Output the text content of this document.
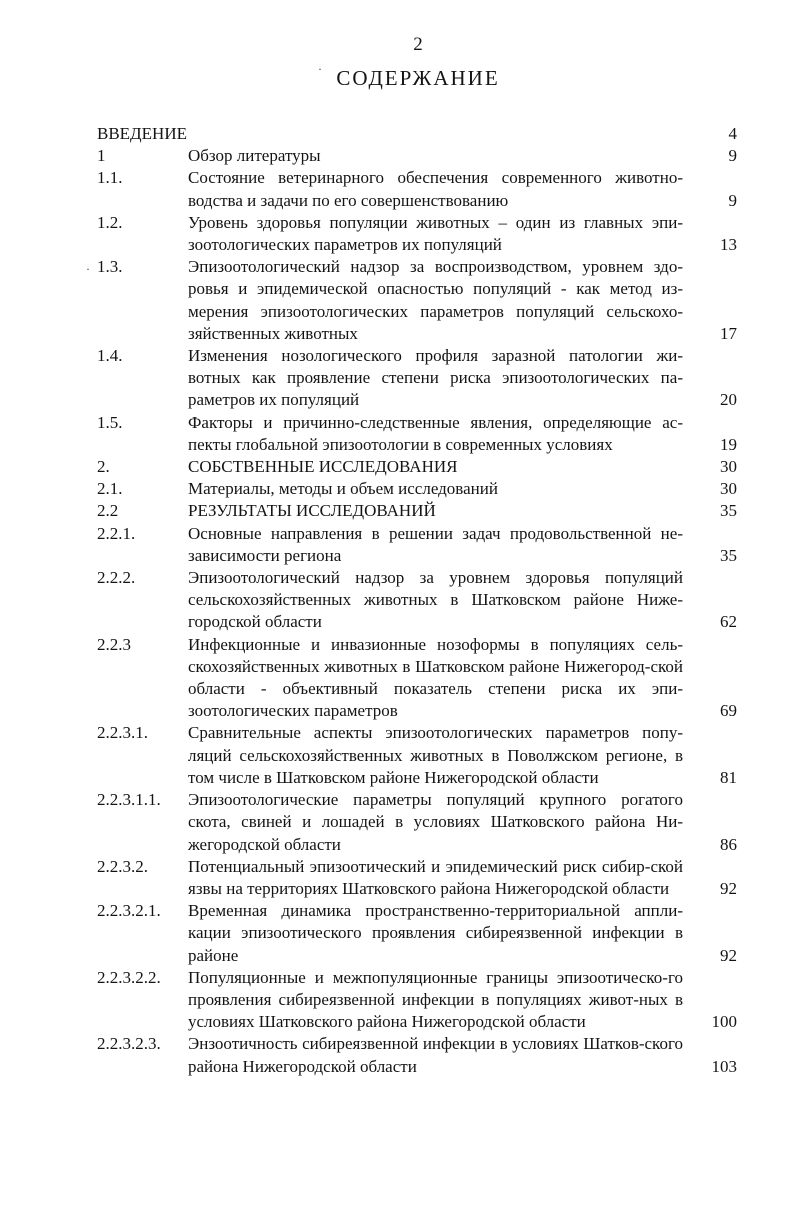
2
СОДЕРЖАНИЕ
ВВЕДЕНИЕ	4
1	Обзор литературы	9
1.1.	Состояние ветеринарного обеспечения современного животно-водства и задачи по его совершенствованию	9
1.2.	Уровень здоровья популяции животных – один из главных эпи-зоотологических параметров их популяций	13
1.3.	Эпизоотологический надзор за воспроизводством, уровнем здо-ровья и эпидемической опасностью популяций - как метод из-мерения эпизоотологических параметров популяций сельскохо-зяйственных животных	17
1.4.	Изменения нозологического профиля заразной патологии жи-вотных как проявление степени риска эпизоотологических па-раметров их популяций	20
1.5.	Факторы и причинно-следственные явления, определяющие ас-пекты глобальной эпизоотологии в современных условиях	19
2.	СОБСТВЕННЫЕ ИССЛЕДОВАНИЯ	30
2.1.	Материалы, методы и объем исследований	30
2.2	РЕЗУЛЬТАТЫ ИССЛЕДОВАНИЙ	35
2.2.1.	Основные направления в решении задач продовольственной не-зависимости региона	35
2.2.2.	Эпизоотологический надзор за уровнем здоровья популяций сельскохозяйственных животных в Шатковском районе Ниже-городской области	62
2.2.3	Инфекционные и инвазионные нозоформы в популяциях сель-скохозяйственных животных в Шатковском районе Нижегород-ской области - объективный показатель степени риска их эпи-зоотологических параметров	69
2.2.3.1.	Сравнительные аспекты эпизоотологических параметров попу-ляций сельскохозяйственных животных в Поволжском регионе, в том числе в Шатковском районе Нижегородской области	81
2.2.3.1.1.	Эпизоотологические параметры популяций крупного рогатого скота, свиней и лошадей в условиях Шатковского района Ни-жегородской области	86
2.2.3.2.	Потенциальный эпизоотический и эпидемический риск сибир-ской язвы на территориях Шатковского района Нижегородской области	92
2.2.3.2.1.	Временная динамика пространственно-территориальной аппли-кации эпизоотического проявления сибиреязвенной инфекции в районе	92
2.2.3.2.2.	Популяционные и межпопуляционные границы эпизоотическо-го проявления сибиреязвенной инфекции в популяциях живот-ных в условиях Шатковского района Нижегородской области	100
2.2.3.2.3.	Энзоотичность сибиреязвенной инфекции в условиях Шатков-ского района Нижегородской области	103
·
·
